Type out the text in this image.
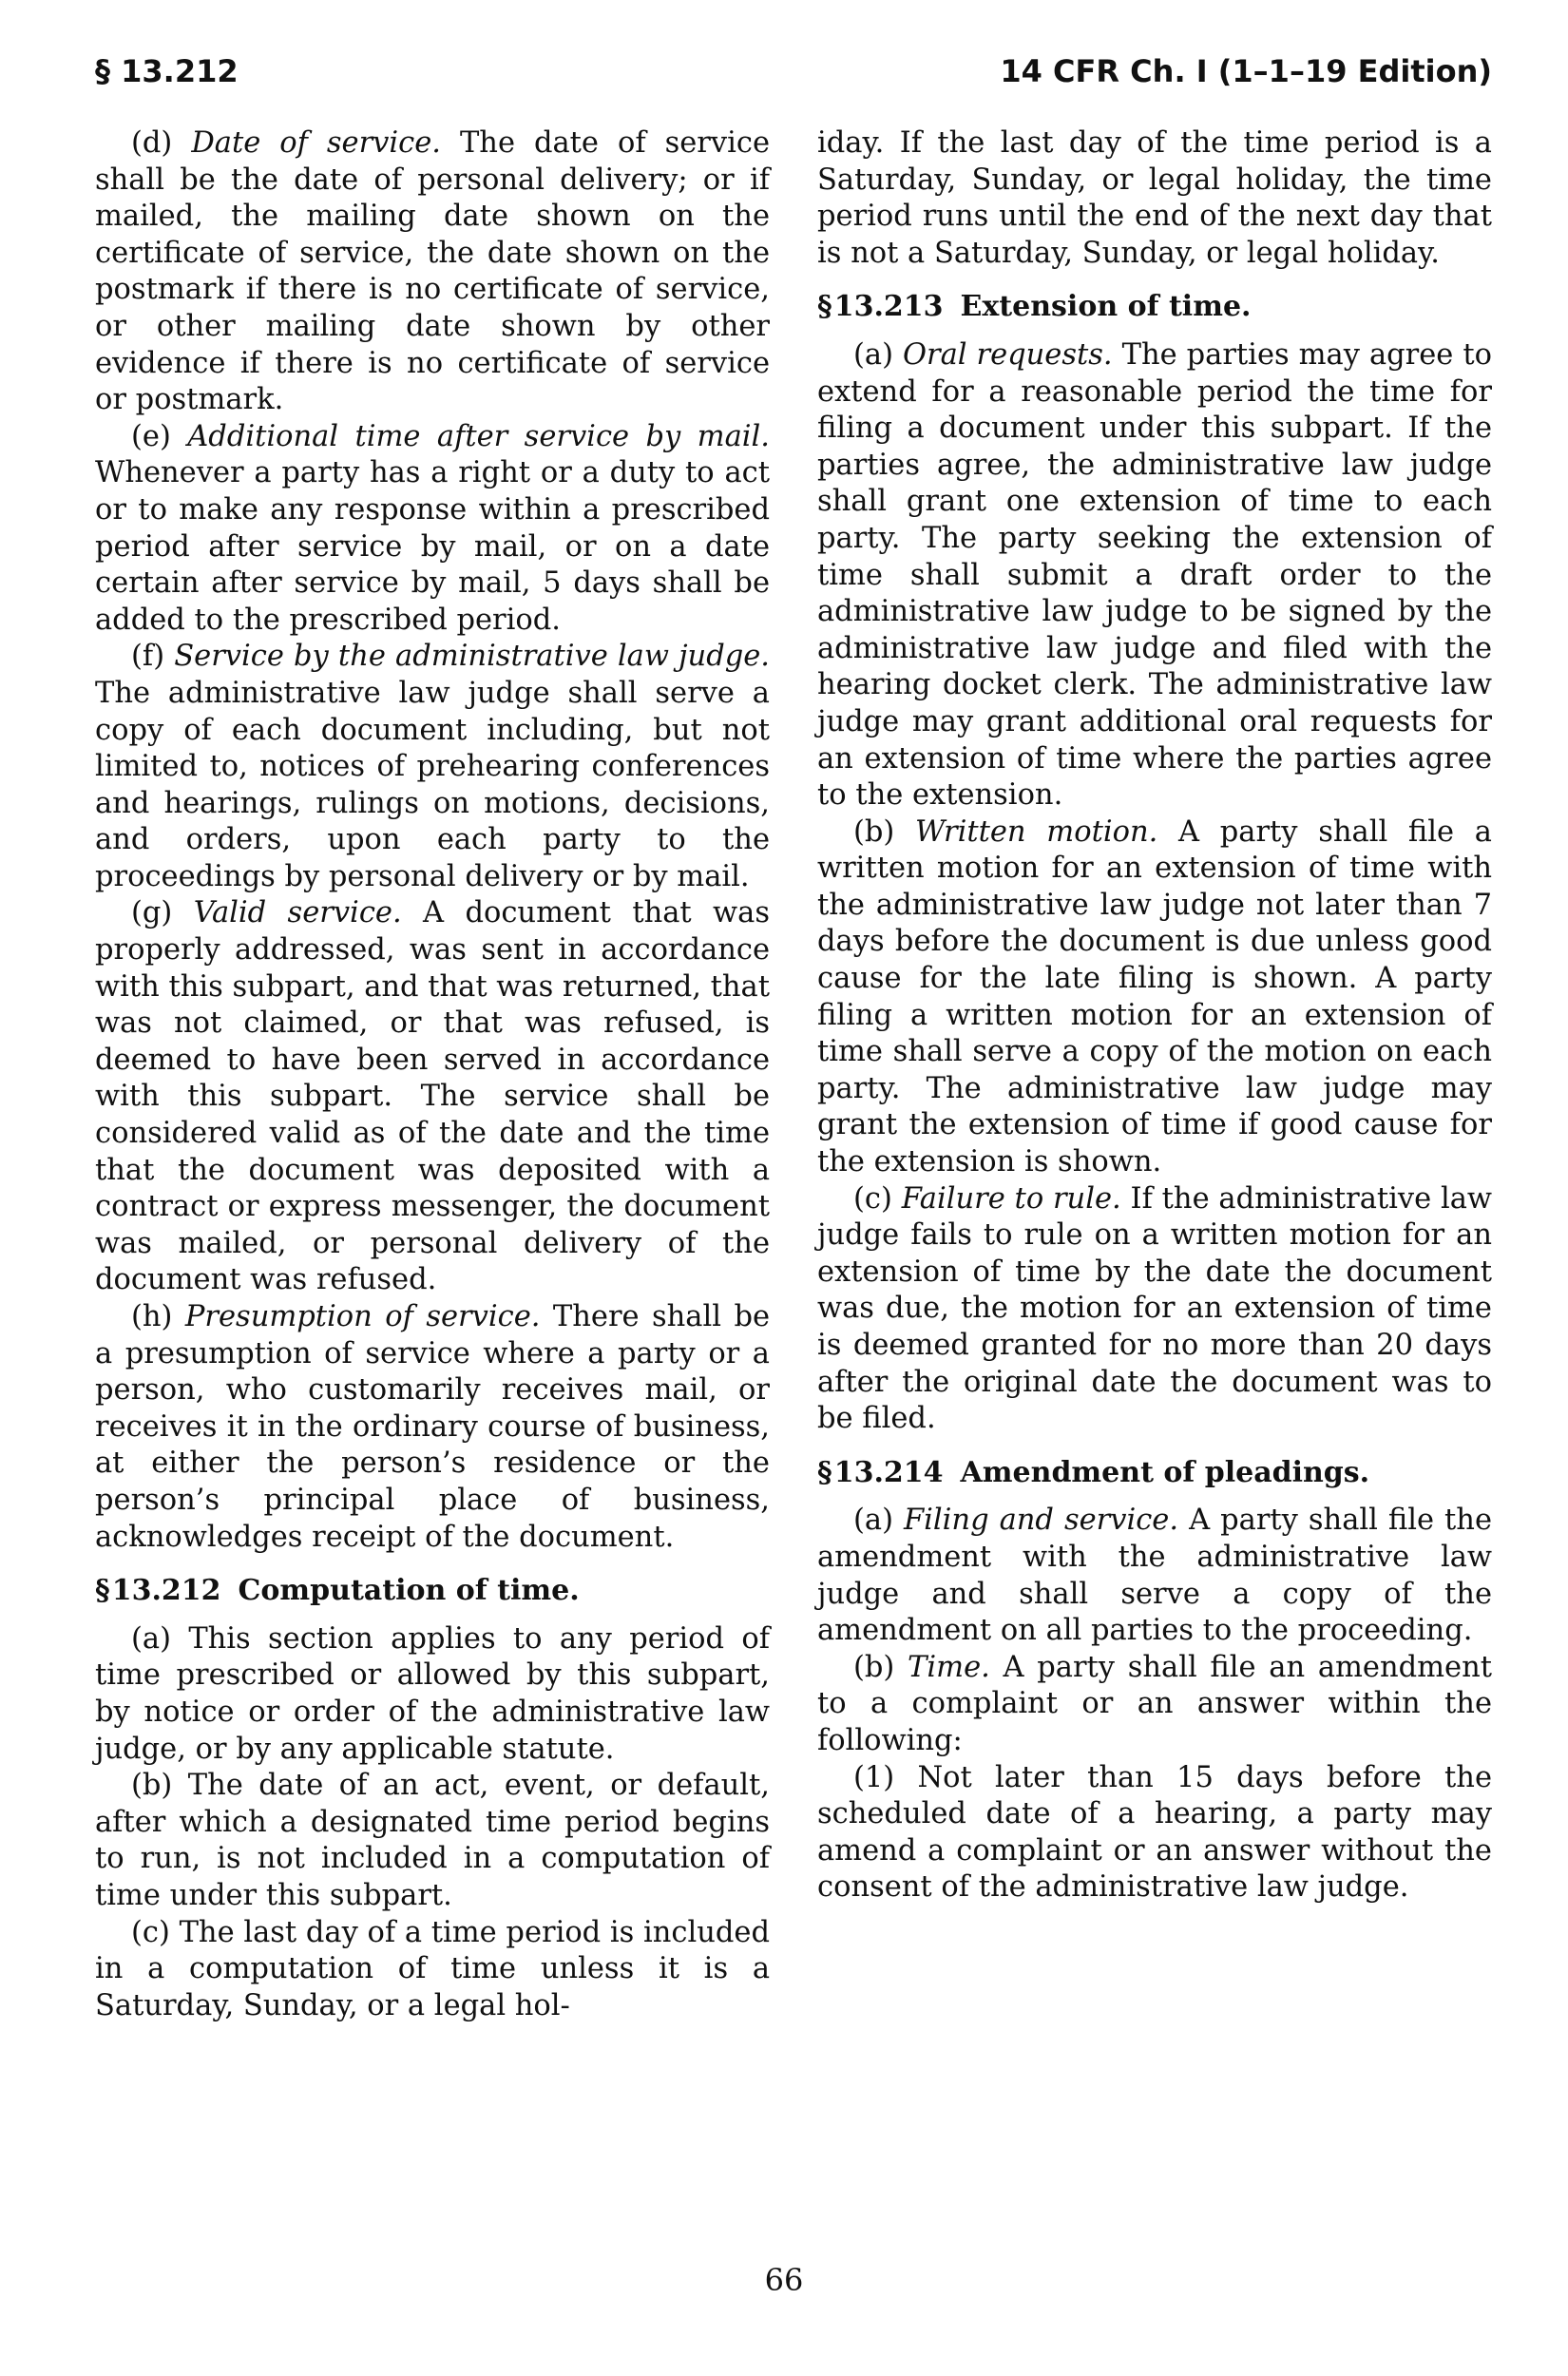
§ 13.212	14 CFR Ch. I (1–1–19 Edition)

(d) Date of service. The date of service shall be the date of personal delivery; or if mailed, the mailing date shown on the certificate of service, the date shown on the postmark if there is no certificate of service, or other mailing date shown by other evidence if there is no certificate of service or postmark.

(e) Additional time after service by mail. Whenever a party has a right or a duty to act or to make any response within a prescribed period after service by mail, or on a date certain after service by mail, 5 days shall be added to the prescribed period.

(f) Service by the administrative law judge. The administrative law judge shall serve a copy of each document including, but not limited to, notices of prehearing conferences and hearings, rulings on motions, decisions, and orders, upon each party to the proceedings by personal delivery or by mail.

(g) Valid service. A document that was properly addressed, was sent in accordance with this subpart, and that was returned, that was not claimed, or that was refused, is deemed to have been served in accordance with this subpart. The service shall be considered valid as of the date and the time that the document was deposited with a contract or express messenger, the document was mailed, or personal delivery of the document was refused.

(h) Presumption of service. There shall be a presumption of service where a party or a person, who customarily receives mail, or receives it in the ordinary course of business, at either the person’s residence or the person’s principal place of business, acknowledges receipt of the document.

§13.212 Computation of time.

(a) This section applies to any period of time prescribed or allowed by this subpart, by notice or order of the administrative law judge, or by any applicable statute.

(b) The date of an act, event, or default, after which a designated time period begins to run, is not included in a computation of time under this subpart.

(c) The last day of a time period is included in a computation of time unless it is a Saturday, Sunday, or a legal hol-

iday. If the last day of the time period is a Saturday, Sunday, or legal holiday, the time period runs until the end of the next day that is not a Saturday, Sunday, or legal holiday.

§13.213 Extension of time.

(a) Oral requests. The parties may agree to extend for a reasonable period the time for filing a document under this subpart. If the parties agree, the administrative law judge shall grant one extension of time to each party. The party seeking the extension of time shall submit a draft order to the administrative law judge to be signed by the administrative law judge and filed with the hearing docket clerk. The administrative law judge may grant additional oral requests for an extension of time where the parties agree to the extension.

(b) Written motion. A party shall file a written motion for an extension of time with the administrative law judge not later than 7 days before the document is due unless good cause for the late filing is shown. A party filing a written motion for an extension of time shall serve a copy of the motion on each party. The administrative law judge may grant the extension of time if good cause for the extension is shown.

(c) Failure to rule. If the administrative law judge fails to rule on a written motion for an extension of time by the date the document was due, the motion for an extension of time is deemed granted for no more than 20 days after the original date the document was to be filed.

§13.214 Amendment of pleadings.

(a) Filing and service. A party shall file the amendment with the administrative law judge and shall serve a copy of the amendment on all parties to the proceeding.

(b) Time. A party shall file an amendment to a complaint or an answer within the following:

(1) Not later than 15 days before the scheduled date of a hearing, a party may amend a complaint or an answer without the consent of the administrative law judge.

66
